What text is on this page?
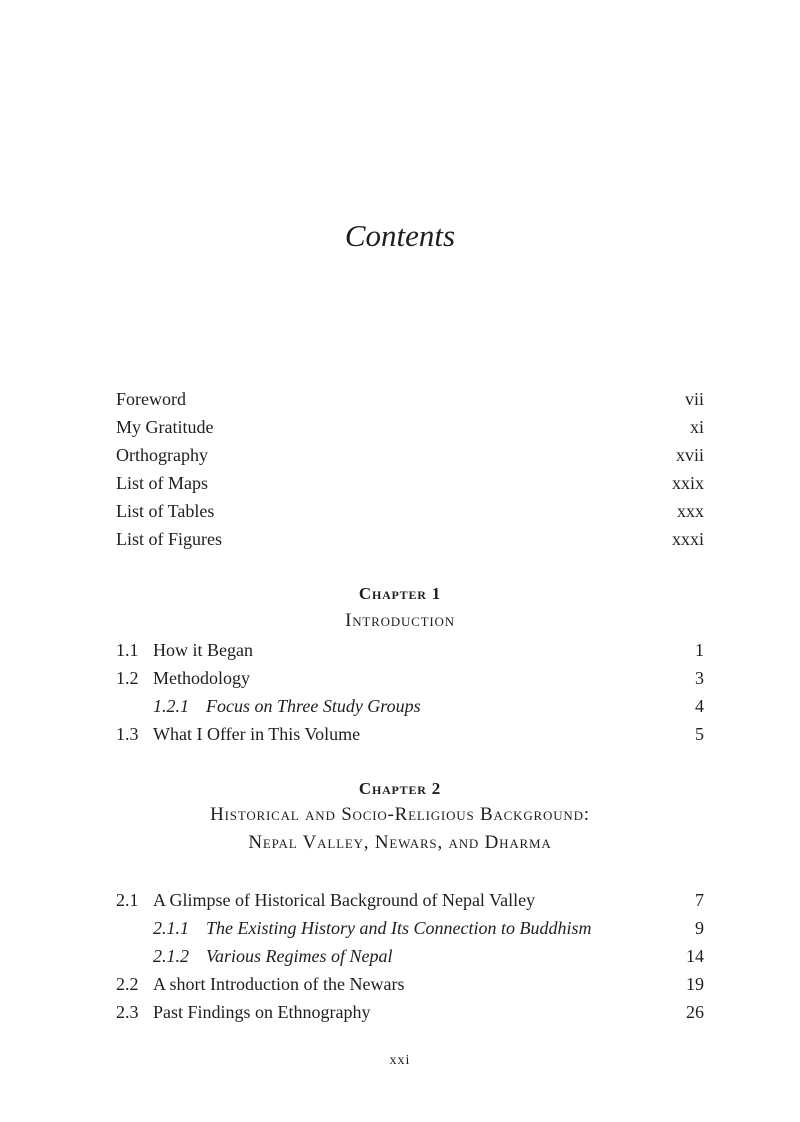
Contents
Foreword	vii
My Gratitude	xi
Orthography	xvii
List of Maps	xxix
List of Tables	xxx
List of Figures	xxxi
Chapter 1
Introduction
1.1 How it Began	1
1.2 Methodology	3
1.2.1 Focus on Three Study Groups	4
1.3 What I Offer in This Volume	5
Chapter 2
Historical and Socio-Religious Background:
Nepal Valley, Newars, and Dharma
2.1 A Glimpse of Historical Background of Nepal Valley	7
2.1.1 The Existing History and Its Connection to Buddhism	9
2.1.2 Various Regimes of Nepal	14
2.2 A short Introduction of the Newars	19
2.3 Past Findings on Ethnography	26
xxi
